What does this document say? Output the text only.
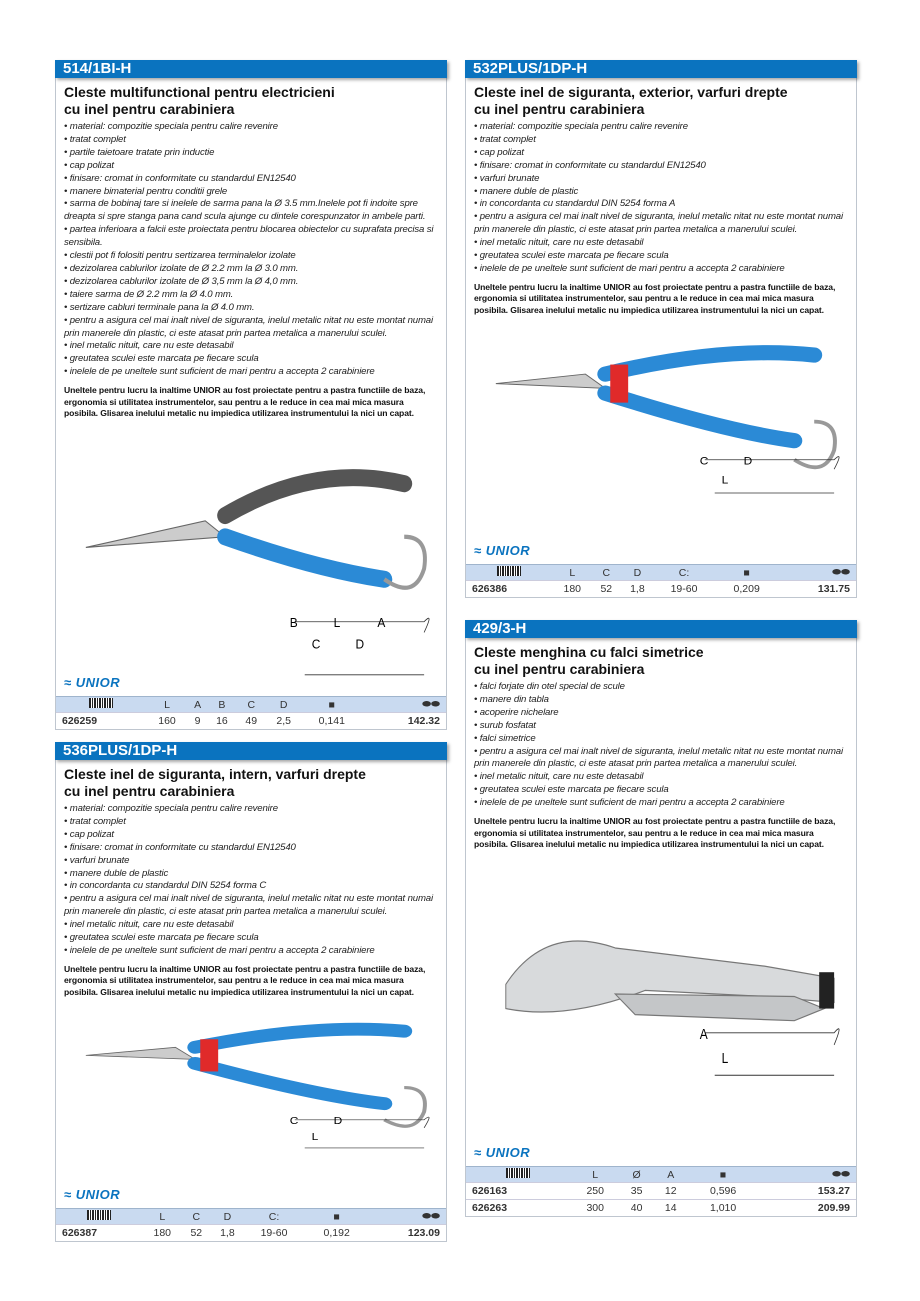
514/1BI-H
Cleste multifunctional pentru electricieni
cu inel pentru carabiniera
• material: compozitie speciala pentru calire revenire
• tratat complet
• partile taietoare tratate prin inductie
• cap polizat
• finisare: cromat in conformitate cu standardul EN12540
• manere bimaterial pentru conditii grele
• sarma de bobinaj tare si inelele de sarma pana la Ø 3.5 mm.Inelele pot fi indoite spre dreapta si spre stanga pana cand scula ajunge cu dintele corespunzator in ambele parti.
• partea inferioara a falcii este proiectata pentru blocarea obiectelor cu suprafata precisa si sensibila.
• clestii pot fi folositi pentru sertizarea terminalelor izolate
• dezizolarea cablurilor izolate de Ø 2.2 mm la Ø 3.0 mm.
• dezizolarea cablurilor izolate de Ø 3,5 mm la Ø 4,0 mm.
• taiere sarma de Ø 2.2 mm la Ø 4.0 mm.
• sertizare cabluri terminale pana la Ø 4.0 mm.
• pentru a asigura cel mai inalt nivel de siguranta, inelul metalic nitat nu este montat numai prin manerele din plastic, ci este atasat prin partea metalica a manerului sculei.
• inel metalic nituit, care nu este detasabil
• greutatea sculei este marcata pe fiecare scula
• inelele de pe uneltele sunt suficient de mari pentru a accepta 2 carabiniere
Uneltele pentru lucru la inaltime UNIOR au fost proiectate pentru a pastra functiile de baza, ergonomia si utilitatea instrumentelor, sau pentru a le reduce in cea mai mica masura posibila. Glisarea inelului metalic nu impiedica utilizarea instrumentului la nici un capat.
B
C
L
D
A
≈ UNIOR
	L	A	B	C	D	■	⬬⬬
626259	160	9	16	49	2,5	0,141	142.32
536PLUS/1DP-H
Cleste inel de siguranta, intern, varfuri drepte
cu inel pentru carabiniera
• material: compozitie speciala pentru calire revenire
• tratat complet
• cap polizat
• finisare: cromat in conformitate cu standardul EN12540
• varfuri brunate
• manere duble de plastic
• in concordanta cu standardul DIN 5254 forma C
• pentru a asigura cel mai inalt nivel de siguranta, inelul metalic nitat nu este montat numai prin manerele din plastic, ci este atasat prin partea metalica a manerului sculei.
• inel metalic nituit, care nu este detasabil
• greutatea sculei este marcata pe fiecare scula
• inelele de pe uneltele sunt suficient de mari pentru a accepta 2 carabiniere
Uneltele pentru lucru la inaltime UNIOR au fost proiectate pentru a pastra functiile de baza, ergonomia si utilitatea instrumentelor, sau pentru a le reduce in cea mai mica masura posibila. Glisarea inelului metalic nu impiedica utilizarea instrumentului la nici un capat.
C
L
D
≈ UNIOR
	L	C	D	C:		■	⬬⬬
626387	180	52	1,8	19-60		0,192	123.09
532PLUS/1DP-H
Cleste inel de siguranta, exterior, varfuri drepte
cu inel pentru carabiniera
• material: compozitie speciala pentru calire revenire
• tratat complet
• cap polizat
• finisare: cromat in conformitate cu standardul EN12540
• varfuri brunate
• manere duble de plastic
• in concordanta cu standardul DIN 5254 forma A
• pentru a asigura cel mai inalt nivel de siguranta, inelul metalic nitat nu este montat numai prin manerele din plastic, ci este atasat prin partea metalica a manerului sculei.
• inel metalic nituit, care nu este detasabil
• greutatea sculei este marcata pe fiecare scula
• inelele de pe uneltele sunt suficient de mari pentru a accepta 2 carabiniere
Uneltele pentru lucru la inaltime UNIOR au fost proiectate pentru a pastra functiile de baza, ergonomia si utilitatea instrumentelor, sau pentru a le reduce in cea mai mica masura posibila. Glisarea inelului metalic nu impiedica utilizarea instrumentului la nici un capat.
C
L
D
≈ UNIOR
	L	C	D	C:		■	⬬⬬
626386	180	52	1,8	19-60		0,209	131.75
429/3-H
Cleste menghina cu falci simetrice
cu inel pentru carabiniera
• falci forjate din otel special de scule
• manere din tabla
• acoperire nichelare
• surub fosfatat
• falci simetrice
• pentru a asigura cel mai inalt nivel de siguranta, inelul metalic nitat nu este montat numai prin manerele din plastic, ci este atasat prin partea metalica a manerului sculei.
• inel metalic nituit, care nu este detasabil
• greutatea sculei este marcata pe fiecare scula
• inelele de pe uneltele sunt suficient de mari pentru a accepta 2 carabiniere
Uneltele pentru lucru la inaltime UNIOR au fost proiectate pentru a pastra functiile de baza, ergonomia si utilitatea instrumentelor, sau pentru a le reduce in cea mai mica masura posibila. Glisarea inelului metalic nu impiedica utilizarea instrumentului la nici un capat.
A
L
≈ UNIOR
	L	Ø	A	■	⬬⬬
626163	250	35	12	0,596	153.27
626263	300	40	14	1,010	209.99
